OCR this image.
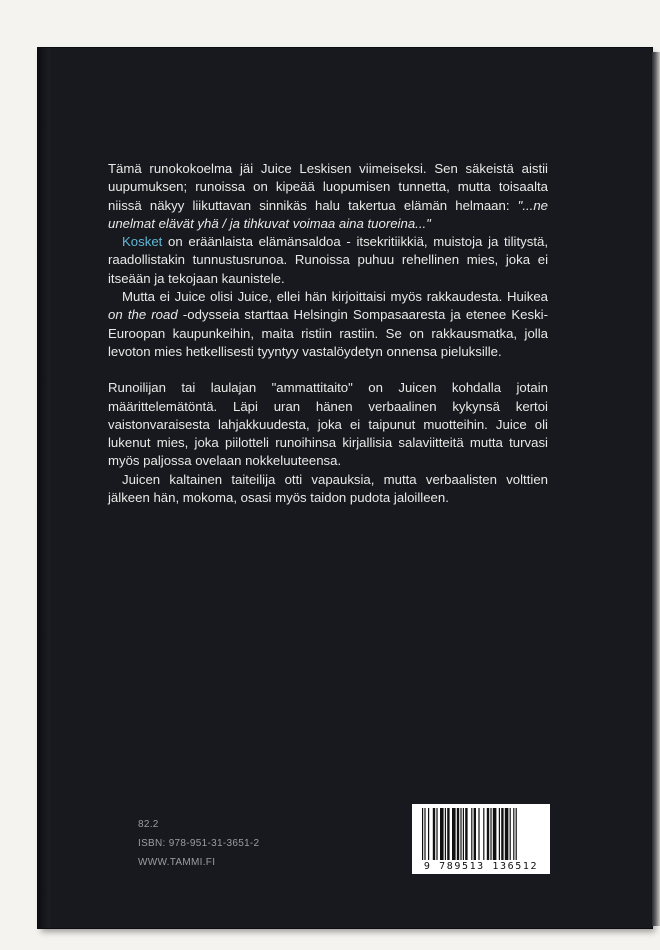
Tämä runokokoelma jäi Juice Leskisen viimeiseksi. Sen säkeistä aistii uupumuksen; runoissa on kipeää luopumisen tunnetta, mutta toisaalta niissä näkyy liikuttavan sinnikäs halu takertua elämän helmaan: "...ne unelmat elävät yhä / ja tihkuvat voimaa aina tuoreina..."

Kosket on eräänlaista elämänsaldoa - itsekritiikkiä, muistoja ja tilitystä, raadollistakin tunnustusrunoa. Runoissa puhuu rehellinen mies, joka ei itseään ja tekojaan kaunistele.

Mutta ei Juice olisi Juice, ellei hän kirjoittaisi myös rakkaudesta. Huikea on the road -odysseia starttaa Helsingin Sompasaaresta ja etenee Keski-Euroopan kaupunkeihin, maita ristiin rastiin. Se on rakkausmatka, jolla levoton mies hetkellisesti tyyntyy vastalöydetyn onnensa pieluksille.

Runoilijan tai laulajan "ammattitaito" on Juicen kohdalla jotain määrittelemätöntä. Läpi uran hänen verbaalinen kykynsä kertoi vaistonvaraisesta lahjakkuudesta, joka ei taipunut muotteihin. Juice oli lukenut mies, joka piilotteli runoihinsa kirjallisia salaviitteitä mutta turvasi myös paljossa ovelaan nokkeluuteensa.

Juicen kaltainen taiteilija otti vapauksia, mutta verbaalisten volttien jälkeen hän, mokoma, osasi myös taidon pudota jaloilleen.

82.2
ISBN: 978-951-31-3651-2
WWW.TAMMI.FI	9 789513 136512
